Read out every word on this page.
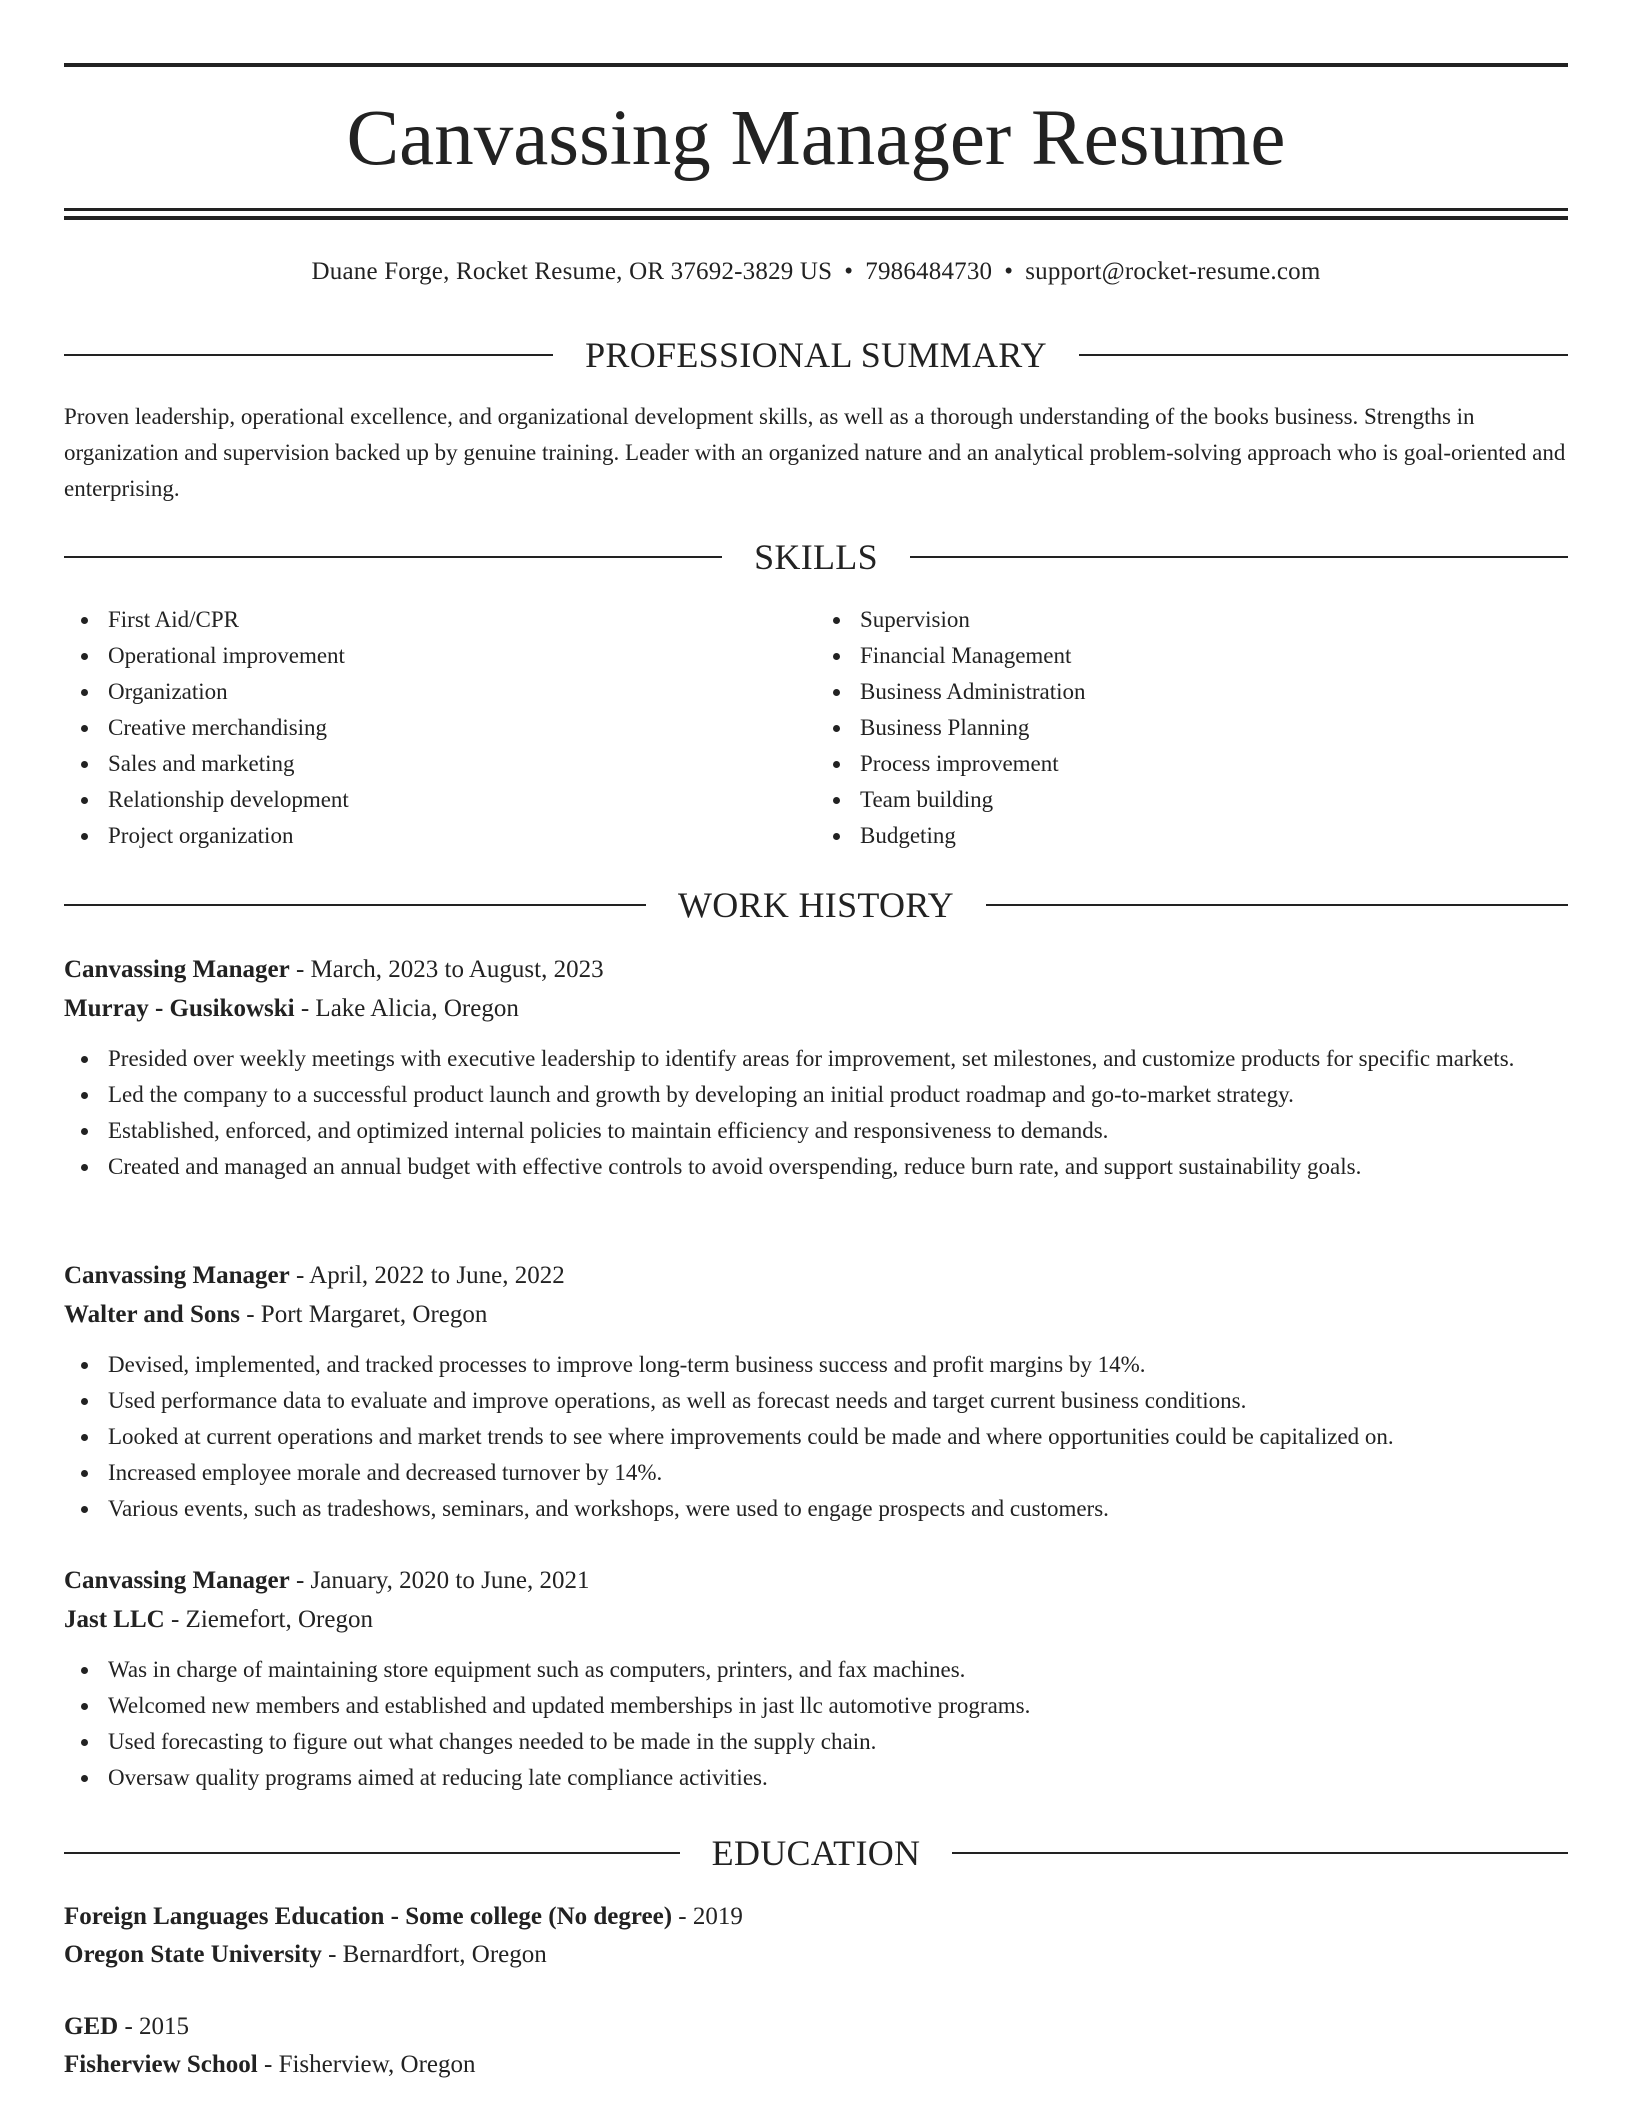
Canvassing Manager Resume
Duane Forge, Rocket Resume, OR 37692-3829 US • 7986484730 • support@rocket-resume.com
PROFESSIONAL SUMMARY

Proven leadership, operational excellence, and organizational development skills, as well as a thorough understanding of the books business. Strengths in organization and supervision backed up by genuine training. Leader with an organized nature and an analytical problem-solving approach who is goal-oriented and enterprising.

SKILLS
First Aid/CPR
Operational improvement
Organization
Creative merchandising
Sales and marketing
Relationship development
Project organization
Supervision
Financial Management
Business Administration
Business Planning
Process improvement
Team building
Budgeting
WORK HISTORY
Canvassing Manager - March, 2023 to August, 2023
Murray - Gusikowski - Lake Alicia, Oregon
Presided over weekly meetings with executive leadership to identify areas for improvement, set milestones, and customize products for specific markets.
Led the company to a successful product launch and growth by developing an initial product roadmap and go-to-market strategy.
Established, enforced, and optimized internal policies to maintain efficiency and responsiveness to demands.
Created and managed an annual budget with effective controls to avoid overspending, reduce burn rate, and support sustainability goals.
Canvassing Manager - April, 2022 to June, 2022
Walter and Sons - Port Margaret, Oregon
Devised, implemented, and tracked processes to improve long-term business success and profit margins by 14%.
Used performance data to evaluate and improve operations, as well as forecast needs and target current business conditions.
Looked at current operations and market trends to see where improvements could be made and where opportunities could be capitalized on.
Increased employee morale and decreased turnover by 14%.
Various events, such as tradeshows, seminars, and workshops, were used to engage prospects and customers.
Canvassing Manager - January, 2020 to June, 2021
Jast LLC - Ziemefort, Oregon
Was in charge of maintaining store equipment such as computers, printers, and fax machines.
Welcomed new members and established and updated memberships in jast llc automotive programs.
Used forecasting to figure out what changes needed to be made in the supply chain.
Oversaw quality programs aimed at reducing late compliance activities.
EDUCATION
Foreign Languages Education - Some college (No degree) - 2019
Oregon State University - Bernardfort, Oregon
GED - 2015
Fisherview School - Fisherview, Oregon
